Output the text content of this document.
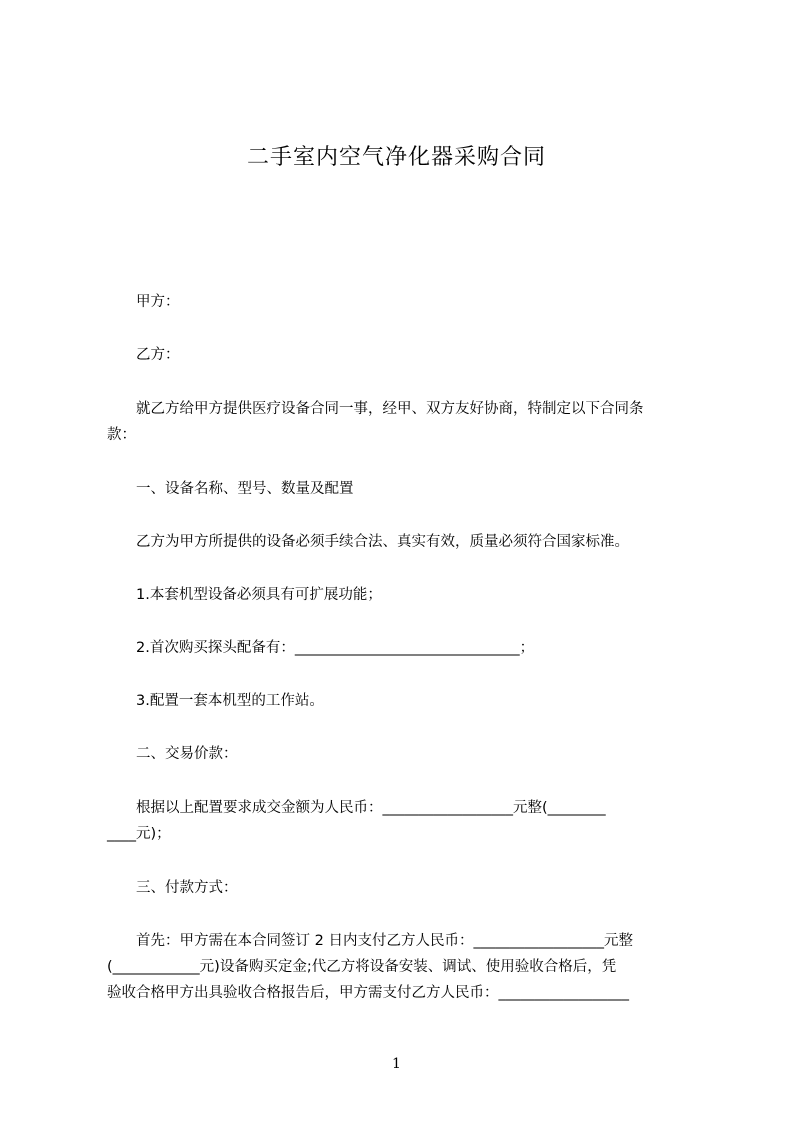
二手室内空气净化器采购合同
甲方：
乙方：
就乙方给甲方提供医疗设备合同一事，经甲、双方友好协商，特制定以下合同条
款：
一、设备名称、型号、数量及配置
乙方为甲方所提供的设备必须手续合法、真实有效，质量必须符合国家标准。
1.本套机型设备必须具有可扩展功能；
2.首次购买探头配备有：_______________________________；
3.配置一套本机型的工作站。
二、交易价款：
根据以上配置要求成交金额为人民币：__________________元整(________
____元)；
三、付款方式：
首先：甲方需在本合同签订 2 日内支付乙方人民币：__________________元整
(____________元)设备购买定金;代乙方将设备安装、调试、使用验收合格后，凭
验收合格甲方出具验收合格报告后，甲方需支付乙方人民币：__________________
1
